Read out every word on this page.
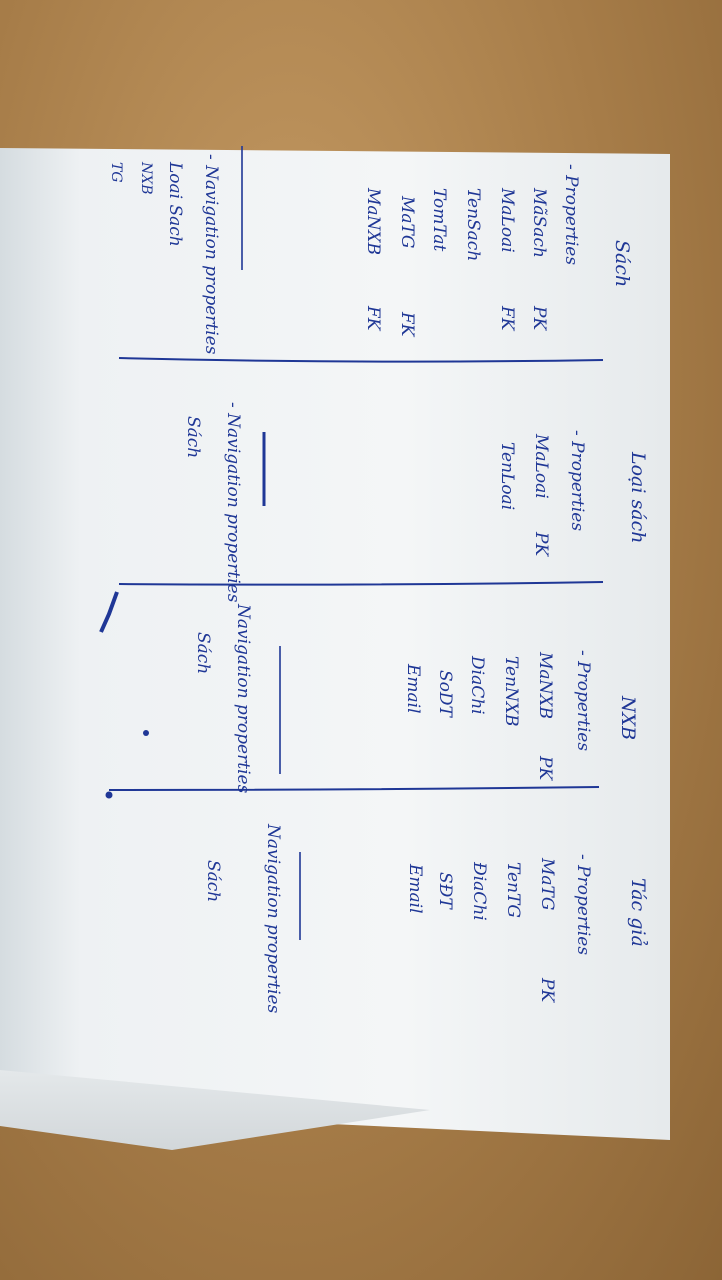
Sách
- Properties
MãSach
PK
MaLoai
FK
TenSach
TomTat
MaTG
FK
MaNXB
FK
- Navigation properties
Loai Sach
NXB
TG
Loại sách
- Properties
MaLoai
PK
TenLoai
- Navigation properties
Sách
NXB
- Properties
MaNXB
PK
TenNXB
DiaChi
SoDT
Email
Navigation properties
Sách
Tác giả
- Properties
MaTG
PK
TenTG
ĐiaChi
SĐT
Email
Navigation properties
Sách
